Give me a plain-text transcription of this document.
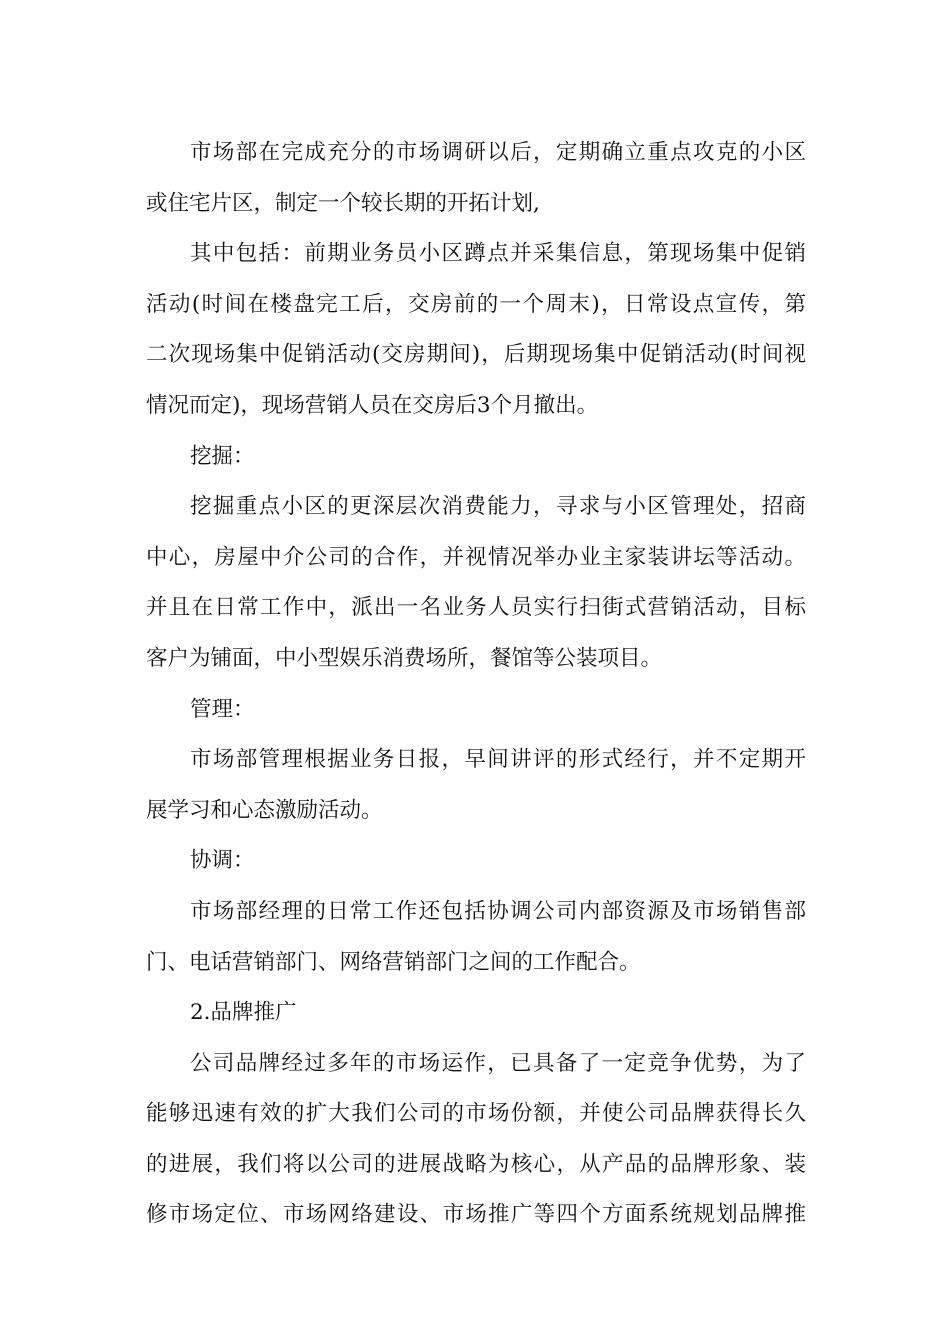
市场部在完成充分的市场调研以后，定期确立重点攻克的小区
或住宅片区，制定一个较长期的开拓计划,
其中包括：前期业务员小区蹲点并采集信息，第现场集中促销
活动(时间在楼盘完工后，交房前的一个周末)，日常设点宣传，第
二次现场集中促销活动(交房期间)，后期现场集中促销活动(时间视
情况而定)，现场营销人员在交房后3个月撤出。
挖掘：
挖掘重点小区的更深层次消费能力，寻求与小区管理处，招商
中心，房屋中介公司的合作，并视情况举办业主家装讲坛等活动。
并且在日常工作中，派出一名业务人员实行扫街式营销活动，目标
客户为铺面，中小型娱乐消费场所，餐馆等公装项目。
管理：
市场部管理根据业务日报，早间讲评的形式经行，并不定期开
展学习和心态激励活动。
协调：
市场部经理的日常工作还包括协调公司内部资源及市场销售部
门、电话营销部门、网络营销部门之间的工作配合。
2.品牌推广
公司品牌经过多年的市场运作，已具备了一定竞争优势，为了
能够迅速有效的扩大我们公司的市场份额，并使公司品牌获得长久
的进展，我们将以公司的进展战略为核心，从产品的品牌形象、装
修市场定位、市场网络建设、市场推广等四个方面系统规划品牌推
